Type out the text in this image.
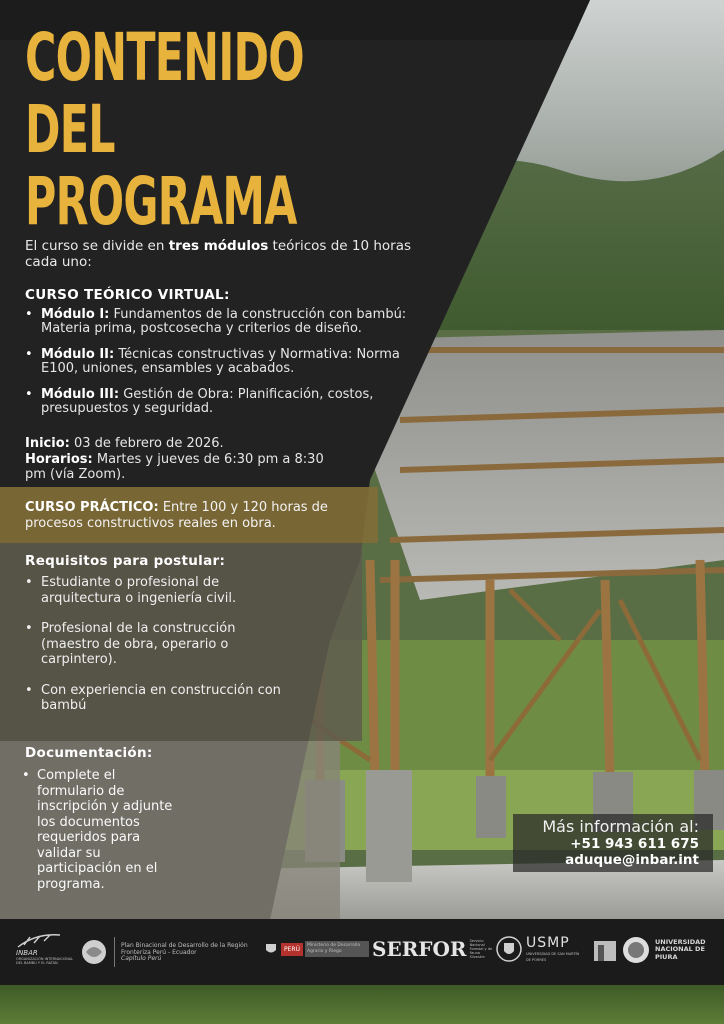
CONTENIDO DEL
PROGRAMA
El curso se divide en tres módulos teóricos de 10 horas cada uno:
CURSO TEÓRICO VIRTUAL:
• Módulo I: Fundamentos de la construcción con bambú: Materia prima, postcosecha y criterios de diseño.
• Módulo II: Técnicas constructivas y Normativa: Norma E100, uniones, ensambles y acabados.
• Módulo III: Gestión de Obra: Planificación, costos, presupuestos y seguridad.
Inicio: 03 de febrero de 2026.
Horarios: Martes y jueves de 6:30 pm a 8:30 pm (vía Zoom).
CURSO PRÁCTICO: Entre 100 y 120 horas de procesos constructivos reales en obra.
Requisitos para postular:
• Estudiante o profesional de arquitectura o ingeniería civil.
• Profesional de la construcción (maestro de obra, operario o carpintero).
• Con experiencia en construcción con bambú
Documentación:
• Complete el formulario de inscripción y adjunte los documentos requeridos para validar su participación en el programa.
Más información al:
+51 943 611 675
aduque@inbar.int
INBAR
ORGANIZACIÓN INTERNACIONAL DEL BAMBÚ Y EL RATÁN
Plan Binacional de Desarrollo de la Región Fronteriza Perú - Ecuador
Capítulo Perú
PERÚ	Ministerio de Desarrollo Agrario y Riego	SERFOR Servicio Nacional Forestal y de Fauna Silvestre
USMP
UNIVERSIDAD DE SAN MARTÍN DE PORRES
UNIVERSIDAD NACIONAL DE PIURA
